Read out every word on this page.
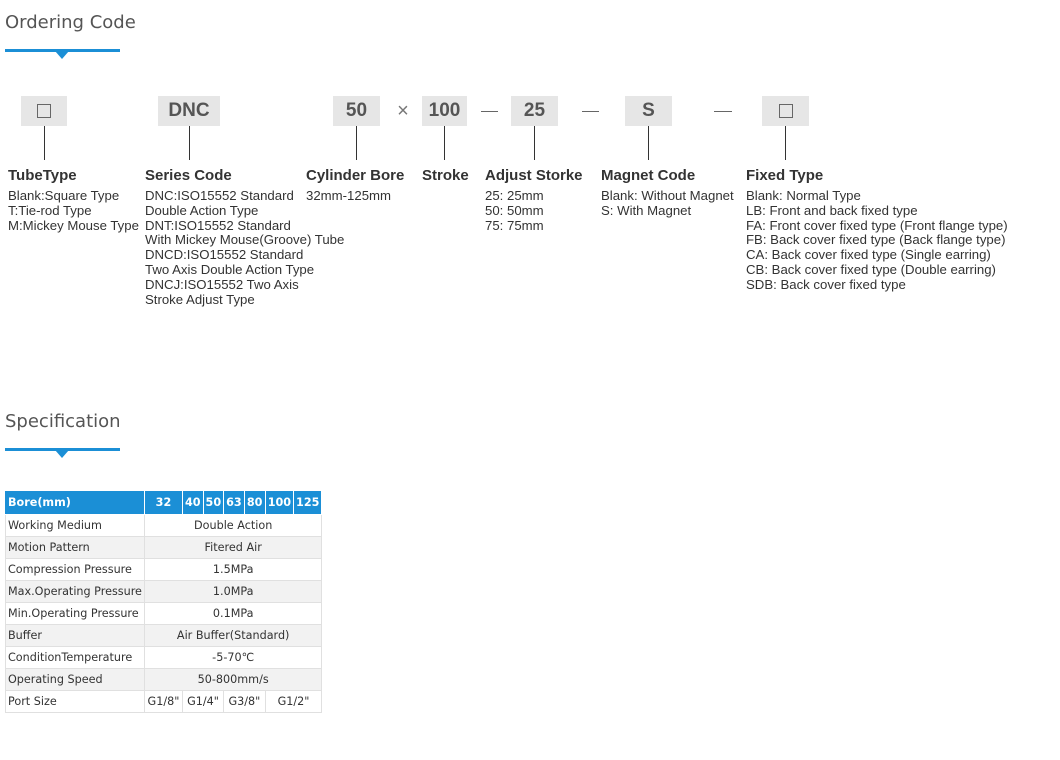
Ordering Code
DNC	50	×	100	25	S
TubeType
Blank:Square Type
T:Tie-rod Type
M:Mickey Mouse Type
Series Code
DNC:ISO15552 Standard
Double Action Type
DNT:ISO15552 Standard
With Mickey Mouse(Groove) Tube
DNCD:ISO15552 Standard
Two Axis Double Action Type
DNCJ:ISO15552 Two Axis
Stroke Adjust Type
Cylinder Bore
32mm-125mm
Stroke Adjust Storke
25: 25mm
50: 50mm
75: 75mm
Magnet Code
Blank: Without Magnet
S: With Magnet
Fixed Type
Blank: Normal Type
LB: Front and back fixed type
FA: Front cover fixed type (Front flange type)
FB: Back cover fixed type (Back flange type)
CA: Back cover fixed type (Single earring)
CB: Back cover fixed type (Double earring)
SDB: Back cover fixed type
Specification
Bore(mm)	32	40	50	63	80	100	125
Working Medium	Double Action						
Motion Pattern	Fitered Air						
Compression Pressure	1.5MPa						
Max.Operating Pressure	1.0MPa						
Min.Operating Pressure	0.1MPa						
Buffer	Air Buffer(Standard)						
ConditionTemperature	-5-70℃						
Operating Speed	50-800mm/s						
Port Size	G1/8"	G1/4"		G3/8"		G1/2"	
